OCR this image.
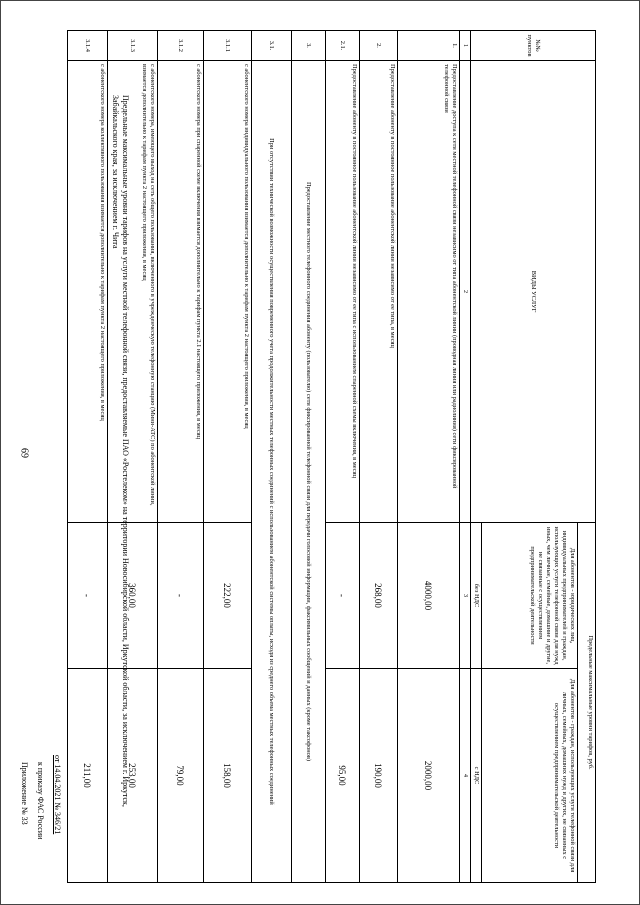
69
Приложение № 33 к приказу ФАС России от 14.04.2021 № 346/21	Предельные максимальные уровни тарифов на услуги местной телефонной связи, предоставляемые ПАО «Ростелеком» на территории Новосибирской области, Иркутской области, за исключением г. Иркутск, Забайкальского края, за исключением г. Чита
№№ пунктов	ВИДЫ УСЛУГ	Предельные максимальные уровни тарифов, руб.	
		Для абонентов - юридических лиц, индивидуальных предпринимателей и граждан, использующих услуги телефонной связи для нужд иных, чем личные, семейные, домашние и другие, не связанные с осуществлением предпринимательской деятельности	Для абонентов - граждан, использующих услуги телефонной связи для личных, семейных, домашних нужд и других, не связанных с осуществлением предпринимательской деятельности
		без НДС	с НДС
1	2	3	4
1.	Предоставление доступа к сети местной телефонной связи независимо от типа абонентской линии (проводная линия или радиолиния) сети фиксированной телефонной связи	4000,00	2000,00
2.	Предоставление абоненту в постоянное пользование абонентской линии независимо от ее типа, в месяц	268,00	190,00
2.1.	Предоставление абоненту в постоянное пользование абонентской линии независимо от ее типа с использованием спаренной схемы включения, в месяц	-	95,00
3.	Предоставление местного телефонного соединения абоненту (пользователю) сети фиксированной телефонной связи для передачи голосовой информации, факсимильных сообщений и данных (кроме таксофонов)		
3.1.	При отсутствии технической возможности осуществления повременного учета продолжительности местных телефонных соединений с использованием абонентской системы оплаты, исходя из среднего объема местных телефонных соединений		
3.1.1	с абонентского номера индивидуального пользования взимается дополнительно к тарифам пункта 2 настоящего приложения, в месяц	222,00	158,00
3.1.2	с абонентского номера при спаренной схеме включения взимается дополнительно к тарифам пункта 2.1 настоящего приложения, в месяц	-	79,00
3.1.3	с абонентского номера, имеющего выход на сеть общего пользования, включенного в учрежденческую телефонную станцию (Мини-АТС) по абонентской линии, взимается дополнительно к тарифам пункта 2 настоящего приложения, в месяц	360,00	253,00
3.1.4	с абонентского номера коллективного пользования взимается дополнительно к тарифам пункта 2 настоящего приложения, в месяц	-	211,00
